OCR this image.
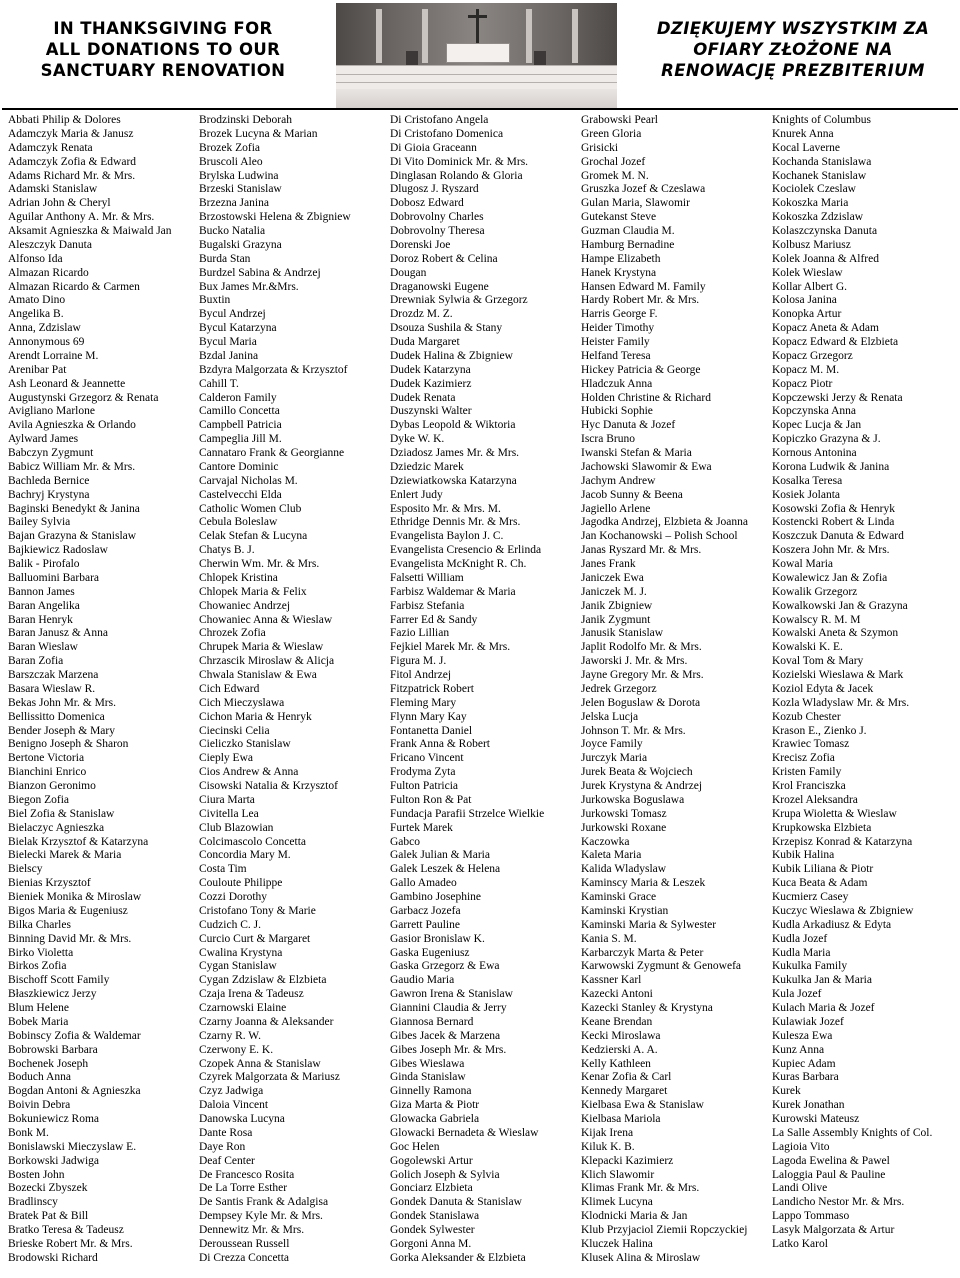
IN THANKSGIVING FOR
ALL DONATIONS TO OUR
SANCTUARY RENOVATION
DZIĘKUJEMY WSZYSTKIM ZA
OFIARY ZŁOŻONE NA
RENOWACJĘ PREZBITERIUM
Abbati Philip & Dolores
Adamczyk Maria & Janusz
Adamczyk Renata
Adamczyk Zofia & Edward
Adams Richard Mr. & Mrs.
Adamski Stanislaw
Adrian John & Cheryl
Aguilar Anthony A. Mr. & Mrs.
Aksamit Agnieszka & Maiwald Jan
Aleszczyk Danuta
Alfonso Ida
Almazan Ricardo
Almazan Ricardo & Carmen
Amato Dino
Angelika B.
Anna, Zdzislaw
Annonymous 69
Arendt Lorraine M.
Arenibar Pat
Ash Leonard & Jeannette
Augustynski Grzegorz & Renata
Avigliano Marlone
Avila Agnieszka & Orlando
Aylward James
Babczyn Zygmunt
Babicz William Mr. & Mrs.
Bachleda Bernice
Bachryj Krystyna
Baginski Benedykt & Janina
Bailey Sylvia
Bajan Grazyna & Stanislaw
Bajkiewicz Radoslaw
Balik - Pirofalo
Balluomini Barbara
Bannon James
Baran Angelika
Baran Henryk
Baran Janusz & Anna
Baran Wieslaw
Baran Zofia
Barszczak Marzena
Basara Wieslaw R.
Bekas John Mr. & Mrs.
Bellissitto Domenica
Bender Joseph & Mary
Benigno Joseph & Sharon
Bertone Victoria
Bianchini Enrico
Bianzon Geronimo
Biegon Zofia
Biel Zofia & Stanislaw
Bielaczyc Agnieszka
Bielak Krzysztof & Katarzyna
Bielecki Marek & Maria
Bielscy
Bienias Krzysztof
Bieniek Monika & Miroslaw
Bigos Maria & Eugeniusz
Bilka Charles
Binning David Mr. & Mrs.
Birko Violetta
Birkos Zofia
Bischoff Scott Family
Błaszkiewicz Jerzy
Blum Helene
Bobek Maria
Bobinscy Zofia & Waldemar
Bobrowski Barbara
Bochenek Joseph
Boduch Anna
Bogdan Antoni & Agnieszka
Boivin Debra
Bokuniewicz Roma
Bonk M.
Bonislawski Mieczyslaw E.
Borkowski Jadwiga
Bosten John
Bozecki Zbyszek
Bradlinscy
Bratek Pat & Bill
Bratko Teresa & Tadeusz
Brieske Robert Mr. & Mrs.
Brodowski Richard
Brodzinski Deborah
Brozek Lucyna & Marian
Brozek Zofia
Bruscoli Aleo
Brylska Ludwina
Brzeski Stanislaw
Brzezna Janina
Brzostowski Helena & Zbigniew
Bucko Natalia
Bugalski Grazyna
Burda Stan
Burdzel Sabina & Andrzej
Bux James Mr.&Mrs.
Buxtin
Bycul Andrzej
Bycul Katarzyna
Bycul Maria
Bzdal Janina
Bzdyra Malgorzata & Krzysztof
Cahill T.
Calderon Family
Camillo Concetta
Campbell Patricia
Campeglia Jill M.
Cannataro Frank & Georgianne
Cantore Dominic
Carvajal Nicholas M.
Castelvecchi Elda
Catholic Women Club
Cebula Boleslaw
Celak Stefan & Lucyna
Chatys B. J.
Cherwin Wm. Mr. & Mrs.
Chlopek Kristina
Chlopek Maria & Felix
Chowaniec Andrzej
Chowaniec Anna & Wieslaw
Chrozek Zofia
Chrupek Maria & Wieslaw
Chrzascik Miroslaw & Alicja
Chwala Stanislaw & Ewa
Cich Edward
Cich Mieczyslawa
Cichon Maria & Henryk
Ciecinski Celia
Cieliczko Stanislaw
Cieply Ewa
Cios Andrew & Anna
Cisowski Natalia & Krzysztof
Ciura Marta
Civitella Lea
Club Blazowian
Colcimascolo Concetta
Concordia Mary M.
Costa Tim
Couloute Philippe
Cozzi Dorothy
Cristofano Tony & Marie
Cudzich C. J.
Curcio Curt & Margaret
Cwalina Krystyna
Cygan Stanislaw
Cygan Zdzislaw & Elzbieta
Czaja Irena & Tadeusz
Czarnowski Elaine
Czarny Joanna & Aleksander
Czarny R. W.
Czerwony E. K.
Czopek Anna & Stanislaw
Czyrek Malgorzata & Mariusz
Czyz Jadwiga
Daloia Vincent
Danowska Lucyna
Dante Rosa
Daye Ron
Deaf Center
De Francesco Rosita
De La Torre Esther
De Santis Frank & Adalgisa
Dempsey Kyle Mr. & Mrs.
Dennewitz Mr. & Mrs.
Deroussean Russell
Di Crezza Concetta
Di Cristofano Angela
Di Cristofano Domenica
Di Gioia Graceann
Di Vito Dominick Mr. & Mrs.
Dinglasan Rolando & Gloria
Dlugosz J. Ryszard
Dobosz Edward
Dobrovolny Charles
Dobrovolny Theresa
Dorenski Joe
Doroz Robert & Celina
Dougan
Draganowski Eugene
Drewniak Sylwia & Grzegorz
Drozdz M. Z.
Dsouza Sushila & Stany
Duda Margaret
Dudek Halina & Zbigniew
Dudek Katarzyna
Dudek Kazimierz
Dudek Renata
Duszynski Walter
Dybas Leopold & Wiktoria
Dyke W. K.
Dziadosz James Mr. & Mrs.
Dziedzic Marek
Dziewiatkowska Katarzyna
Enlert Judy
Esposito Mr. & Mrs. M.
Ethridge Dennis Mr. & Mrs.
Evangelista Baylon J. C.
Evangelista Cresencio & Erlinda
Evangelista McKnight R. Ch.
Falsetti William
Farbisz Waldemar & Maria
Farbisz Stefania
Farrer Ed & Sandy
Fazio Lillian
Fejkiel Marek Mr. & Mrs.
Figura M. J.
Fitol Andrzej
Fitzpatrick Robert
Fleming Mary
Flynn Mary Kay
Fontanetta Daniel
Frank Anna & Robert
Fricano Vincent
Frodyma Zyta
Fulton Patricia
Fulton Ron & Pat
Fundacja Parafii Strzelce Wielkie
Furtek Marek
Gabco
Galek Julian & Maria
Galek Leszek & Helena
Gallo Amadeo
Gambino Josephine
Garbacz Jozefa
Garrett Pauline
Gasior Bronislaw K.
Gaska Eugeniusz
Gaska Grzegorz & Ewa
Gaudio Maria
Gawron Irena & Stanislaw
Giannini Claudia & Jerry
Giannosa Bernard
Gibes Jacek & Marzena
Gibes Joseph Mr. & Mrs.
Gibes Wieslawa
Ginda Stanislaw
Ginnelly Ramona
Giza Marta & Piotr
Glowacka Gabriela
Glowacki Bernadeta & Wieslaw
Goc Helen
Gogolewski Artur
Golich Joseph & Sylvia
Gonciarz Elzbieta
Gondek Danuta & Stanislaw
Gondek Stanislawa
Gondek Sylwester
Gorgoni Anna M.
Gorka Aleksander & Elzbieta
Grabowski Pearl
Green Gloria
Grisicki
Grochal Jozef
Gromek M. N.
Gruszka Jozef & Czeslawa
Gulan Maria, Slawomir
Gutekanst Steve
Guzman Claudia M.
Hamburg Bernadine
Hampe Elizabeth
Hanek Krystyna
Hansen Edward M. Family
Hardy Robert Mr. & Mrs.
Harris George F.
Heider Timothy
Heister Family
Helfand Teresa
Hickey Patricia & George
Hladczuk Anna
Holden Christine & Richard
Hubicki Sophie
Hyc Danuta & Jozef
Iscra Bruno
Iwanski Stefan & Maria
Jachowski Slawomir & Ewa
Jachym Andrew
Jacob Sunny & Beena
Jagiello Arlene
Jagodka Andrzej, Elzbieta & Joanna
Jan Kochanowski – Polish School
Janas Ryszard Mr. & Mrs.
Janes Frank
Janiczek Ewa
Janiczek M. J.
Janik Zbigniew
Janik Zygmunt
Janusik Stanislaw
Japlit Rodolfo Mr. & Mrs.
Jaworski J. Mr. & Mrs.
Jayne Gregory Mr. & Mrs.
Jedrek Grzegorz
Jelen Boguslaw & Dorota
Jelska Lucja
Johnson T. Mr. & Mrs.
Joyce Family
Jurczyk Maria
Jurek Beata & Wojciech
Jurek Krystyna & Andrzej
Jurkowska Boguslawa
Jurkowski Tomasz
Jurkowski Roxane
Kaczowka
Kaleta Maria
Kalida Wladyslaw
Kaminscy Maria & Leszek
Kaminski Grace
Kaminski Krystian
Kaminski Maria & Sylwester
Kania S. M.
Karbarczyk Marta & Peter
Karwowski Zygmunt & Genowefa
Kassner Karl
Kazecki Antoni
Kazecki Stanley & Krystyna
Keane Brendan
Kecki Miroslawa
Kedzierski A. A.
Kelly Kathleen
Kenar Zofia & Carl
Kennedy Margaret
Kielbasa Ewa & Stanislaw
Kielbasa Mariola
Kijak Irena
Kiluk K. B.
Klepacki Kazimierz
Klich Slawomir
Klimas Frank Mr. & Mrs.
Klimek Lucyna
Klodnicki Maria & Jan
Klub Przyjaciol Ziemii Ropczyckiej
Kluczek Halina
Klusek Alina & Miroslaw
Knights of Columbus
Knurek Anna
Kocal Laverne
Kochanda Stanislawa
Kochanek Stanislaw
Kociolek Czeslaw
Kokoszka Maria
Kokoszka Zdzislaw
Kolaszczynska Danuta
Kolbusz Mariusz
Kolek Joanna & Alfred
Kolek Wieslaw
Kollar Albert G.
Kolosa Janina
Konopka Artur
Kopacz Aneta & Adam
Kopacz Edward & Elzbieta
Kopacz Grzegorz
Kopacz M. M.
Kopacz Piotr
Kopczewski Jerzy & Renata
Kopczynska Anna
Kopec Lucja & Jan
Kopiczko Grazyna & J.
Kornous Antonina
Korona Ludwik & Janina
Kosalka Teresa
Kosiek Jolanta
Kosowski Zofia & Henryk
Kostencki Robert & Linda
Koszczuk Danuta & Edward
Koszera John Mr. & Mrs.
Kowal Maria
Kowalewicz Jan & Zofia
Kowalik Grzegorz
Kowalkowski Jan & Grazyna
Kowalscy R. M. M
Kowalski Aneta & Szymon
Kowalski K. E.
Koval Tom & Mary
Kozielski Wieslawa & Mark
Koziol Edyta & Jacek
Kozla Wladyslaw Mr. & Mrs.
Kozub Chester
Krason E., Zienko J.
Krawiec Tomasz
Krecisz Zofia
Kristen Family
Krol Franciszka
Krozel Aleksandra
Krupa Wioletta & Wieslaw
Krupkowska Elzbieta
Krzepisz Konrad & Katarzyna
Kubik Halina
Kubik Liliana & Piotr
Kuca Beata & Adam
Kucmierz Casey
Kuczyc Wieslawa & Zbigniew
Kudla Arkadiusz & Edyta
Kudla Jozef
Kudla Maria
Kukulka Family
Kukulka Jan & Maria
Kula Jozef
Kulach Maria & Jozef
Kulawiak Jozef
Kulesza Ewa
Kunz Anna
Kupiec Adam
Kuras Barbara
Kurek
Kurek Jonathan
Kurowski Mateusz
La Salle Assembly Knights of Col.
Lagioia Vito
Lagoda Ewelina & Pawel
Laloggia Paul & Pauline
Landi Olive
Landicho Nestor Mr. & Mrs.
Lappo Tommaso
Lasyk Malgorzata & Artur
Latko Karol
